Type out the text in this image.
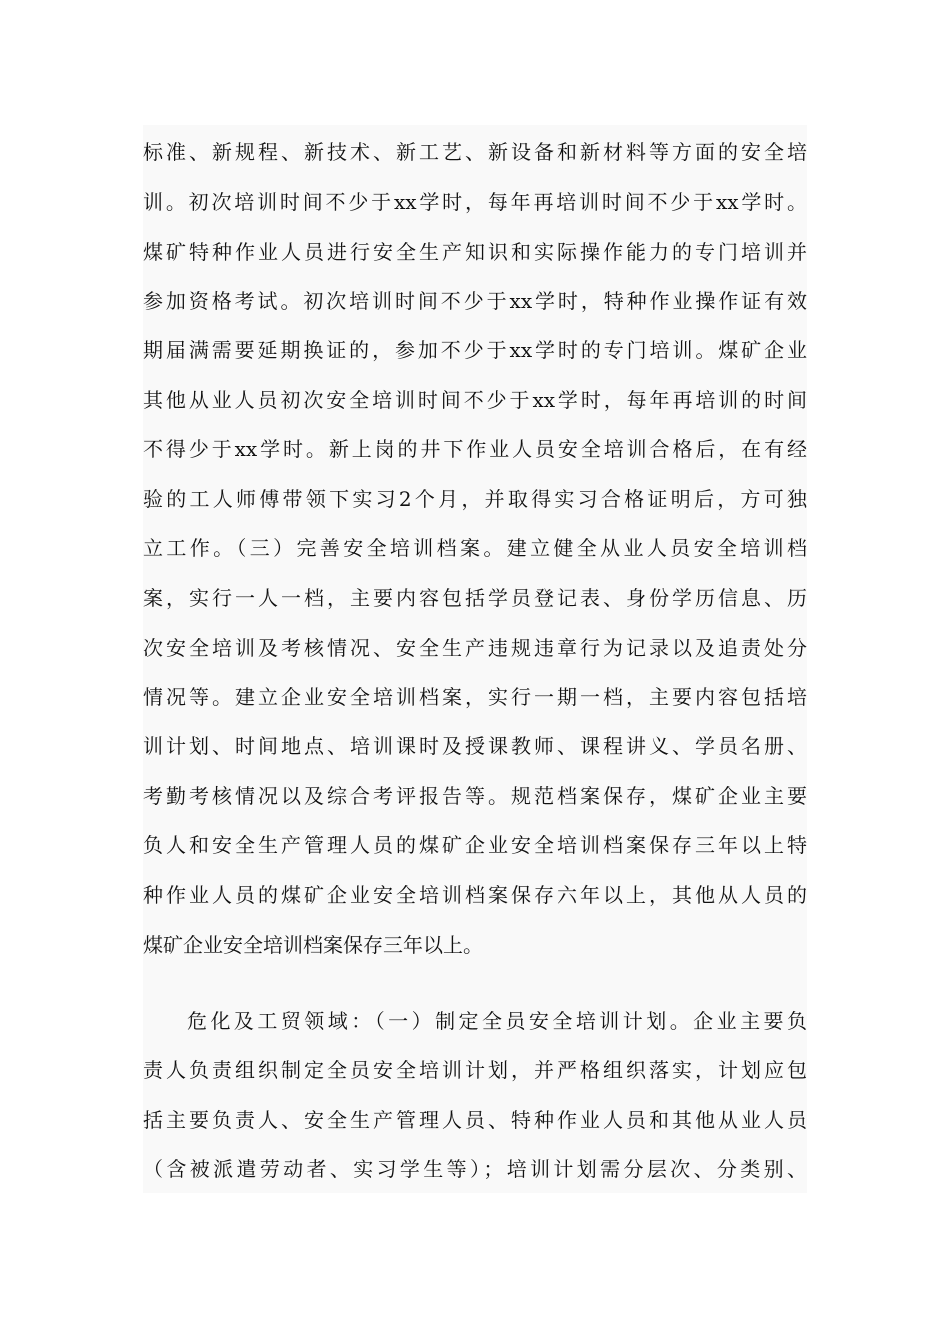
标准、新规程、新技术、新工艺、新设备和新材料等方面的安全培
训。初次培训时间不少于xx学时，每年再培训时间不少于xx学时。
煤矿特种作业人员进行安全生产知识和实际操作能力的专门培训并
参加资格考试。初次培训时间不少于xx学时，特种作业操作证有效
期届满需要延期换证的，参加不少于xx学时的专门培训。煤矿企业
其他从业人员初次安全培训时间不少于xx学时，每年再培训的时间
不得少于xx学时。新上岗的井下作业人员安全培训合格后，在有经
验的工人师傅带领下实习2个月，并取得实习合格证明后，方可独
立工作。（三）完善安全培训档案。建立健全从业人员安全培训档
案，实行一人一档，主要内容包括学员登记表、身份学历信息、历
次安全培训及考核情况、安全生产违规违章行为记录以及追责处分
情况等。建立企业安全培训档案，实行一期一档，主要内容包括培
训计划、时间地点、培训课时及授课教师、课程讲义、学员名册、
考勤考核情况以及综合考评报告等。规范档案保存，煤矿企业主要
负人和安全生产管理人员的煤矿企业安全培训档案保存三年以上特
种作业人员的煤矿企业安全培训档案保存六年以上，其他从人员的
煤矿企业安全培训档案保存三年以上。
危化及工贸领域：（一）制定全员安全培训计划。企业主要负
责人负责组织制定全员安全培训计划，并严格组织落实，计划应包
括主要负责人、安全生产管理人员、特种作业人员和其他从业人员
（含被派遣劳动者、实习学生等）；培训计划需分层次、分类别、
